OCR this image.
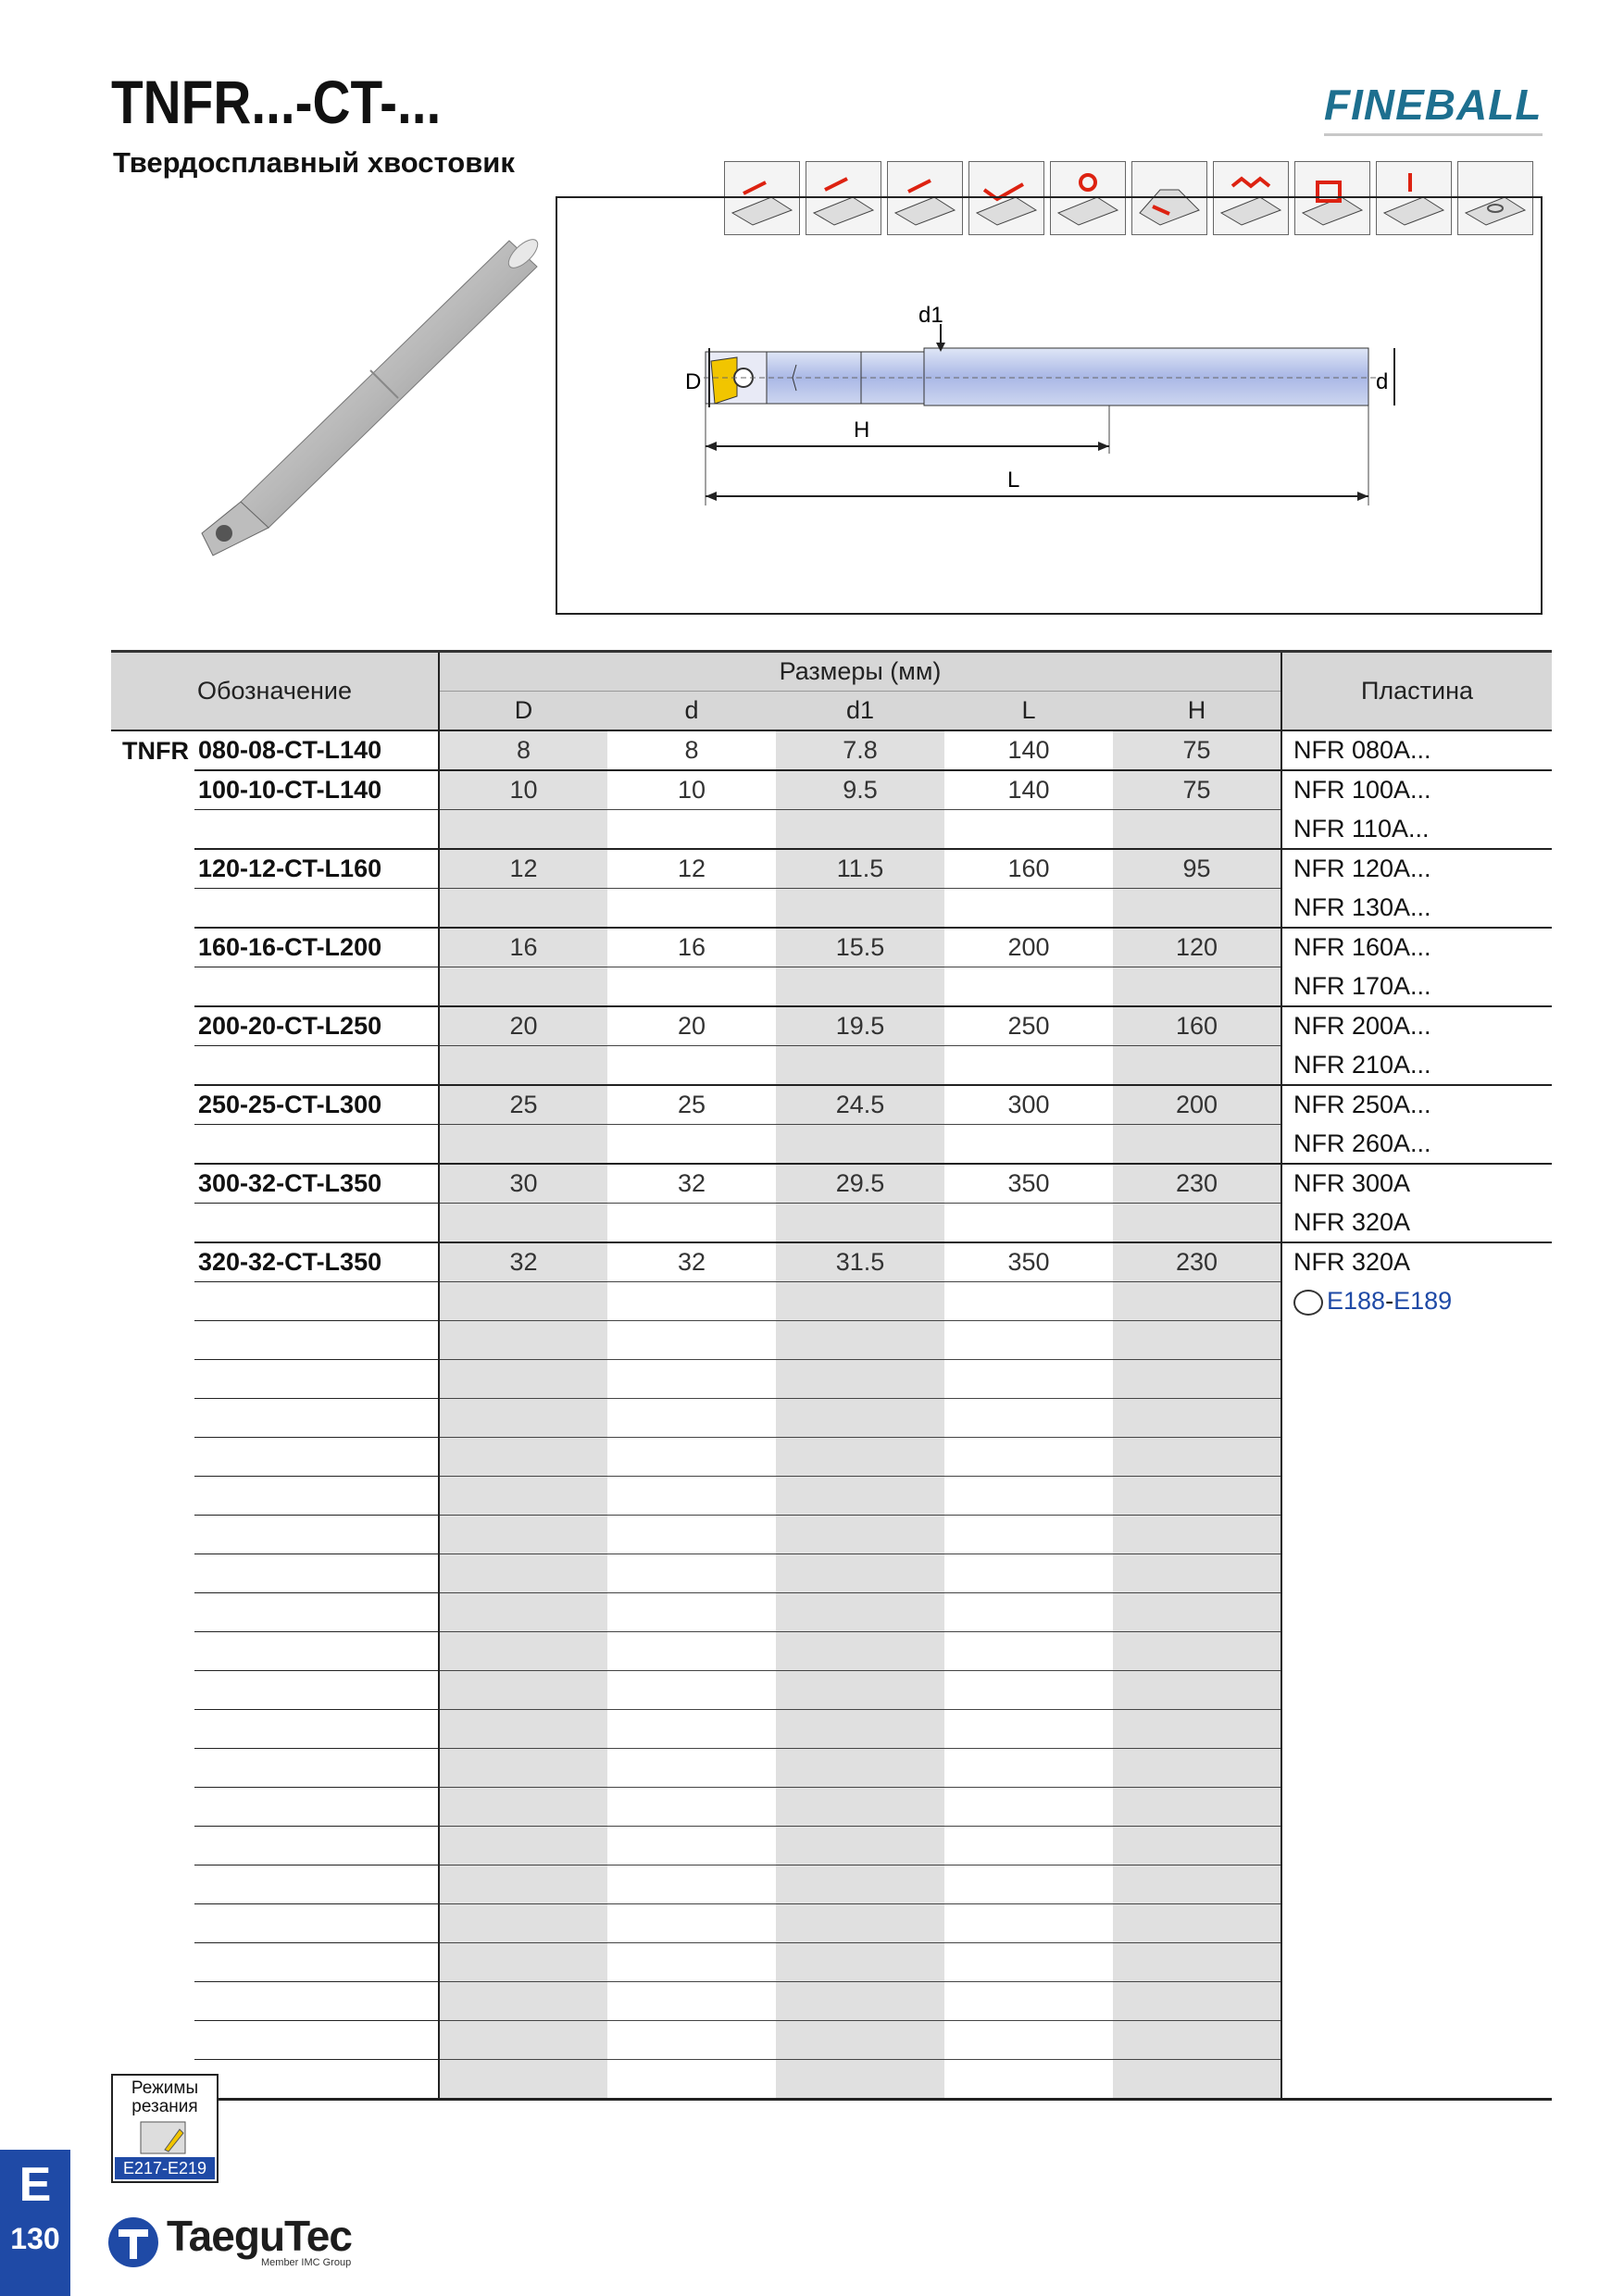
TNFR...-CT-...
Твердосплавный хвостовик
FINEBALL
d1
D	d
H
L
Обозначение		Размеры (мм)					Пластина
		D	d	d1	L	H	
TNFR	080-08-CT-L140	8	8	7.8	140	75	NFR 080A...
	100-10-CT-L140	10	10	9.5	140	75	NFR 100A...
							NFR 110A...
	120-12-CT-L160	12	12	11.5	160	95	NFR 120A...
							NFR 130A...
	160-16-CT-L200	16	16	15.5	200	120	NFR 160A...
							NFR 170A...
	200-20-CT-L250	20	20	19.5	250	160	NFR 200A...
							NFR 210A...
	250-25-CT-L300	25	25	24.5	300	200	NFR 250A...
							NFR 260A...
	300-32-CT-L350	30	32	29.5	350	230	NFR 300A
							NFR 320A
	320-32-CT-L350	32	32	31.5	350	230	NFR 320A
							E188-E189

Режимы резания
E217-E219
E
130	TaeguTec
Member IMC Group
